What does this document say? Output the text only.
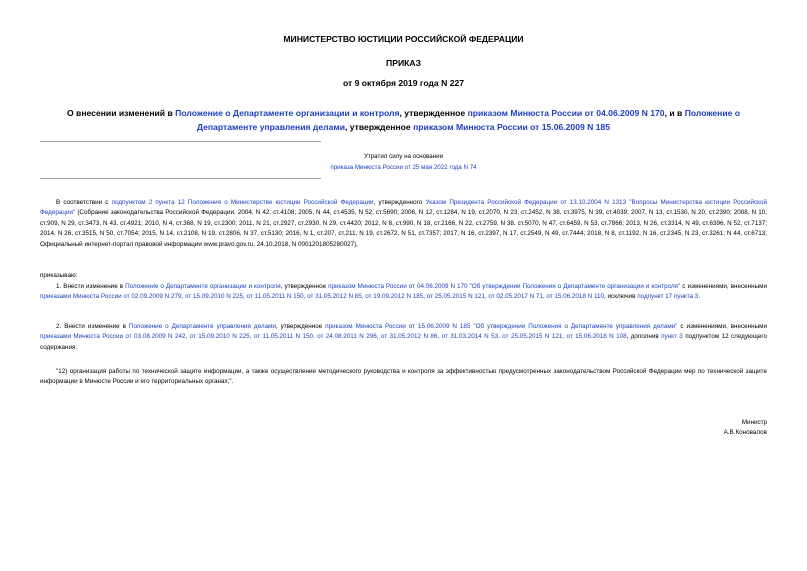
МИНИСТЕРСТВО ЮСТИЦИИ РОССИЙСКОЙ ФЕДЕРАЦИИ
ПРИКАЗ
от 9 октября 2019 года N 227
О внесении изменений в Положение о Департаменте организации и контроля, утвержденное приказом Минюста России от 04.06.2009 N 170, и в Положение о Департаменте управления делами, утвержденное приказом Минюста России от 15.06.2009 N 185
Утратил силу на основании
приказа Минюста России от 25 мая 2022 года N 74
В соответствии с подпунктом 2 пункта 12 Положения о Министерстве юстиции Российской Федерации, утвержденного Указом Президента Российской Федерации от 13.10.2004 N 1313 "Вопросы Министерства юстиции Российской Федерации" (Собрание законодательства Российской Федерации, 2004, N 42, ст.4108; 2005, N 44, ст.4535, N 52, ст.5690; 2006, N 12, ст.1284, N 19, ст.2070, N 23, ст.2452, N 38, ст.3975, N 39, ст.4039; 2007, N 13, ст.1530, N 20, ст.2390; 2008, N 10, ст.909, N 29, ст.3473, N 43, ст.4921; 2010, N 4, ст.368, N 19, ст.2300; 2011, N 21, ст.2927, ст.2930, N 29, ст.4420; 2012, N 8, ст.990, N 18, ст.2166, N 22, ст.2759, N 38, ст.5070, N 47, ст.6459, N 53, ст.7866; 2013, N 26, ст.3314, N 49, ст.6396, N 52, ст.7137; 2014, N 26, ст.3515, N 50, ст.7054; 2015, N 14, ст.2108, N 19, ст.2806, N 37, ст.5130; 2016, N 1, ст.207, ст.211, N 19, ст.2672, N 51, ст.7357; 2017, N 16, ст.2397, N 17, ст.2549, N 49, ст.7444; 2018, N 8, ст.1192, N 16, ст.2345, N 23, ст.3261; N 44, ст.6713; Официальный интернет-портал правовой информации www.pravo.gov.ru, 24.10.2018, N 0001201805280027),
приказываю:
1. Внести изменение в Положение о Департаменте организации и контроля, утвержденное приказом Минюста России от 04.06.2009 N 170 "Об утверждении Положения о Департаменте организации и контроля" с изменениями, внесенными приказами Минюста России от 02.09.2009 N 279, от 15.09.2010 N 225, от 11.05.2011 N 150, от 31.05.2012 N 85, от 19.09.2012 N 185, от 25.05.2015 N 121, от 02.05.2017 N 71, от 15.06.2018 N 110, исключив подпункт 17 пункта 3.
2. Внести изменение в Положение о Департаменте управления делами, утвержденное приказом Минюста России от 15.06.2009 N 185 "Об утверждении Положения о Департаменте управления делами" с изменениями, внесенными приказами Минюста России от 03.08.2009 N 242, от 15.09.2010 N 225, от 11.05.2011 N 150, от 24.08.2011 N 296, от 31.05.2012 N 86, от 31.03.2014 N 53, от 25.05.2015 N 121, от 15.06.2018 N 108, дополнив пункт 3 подпунктом 12 следующего содержания:
"12) организация работы по технической защите информации, а также осуществление методического руководства и контроля за эффективностью предусмотренных законодательством Российской Федерации мер по технической защите информации в Минюсте России и его территориальных органах;".
Министр
А.В.Коновалов
